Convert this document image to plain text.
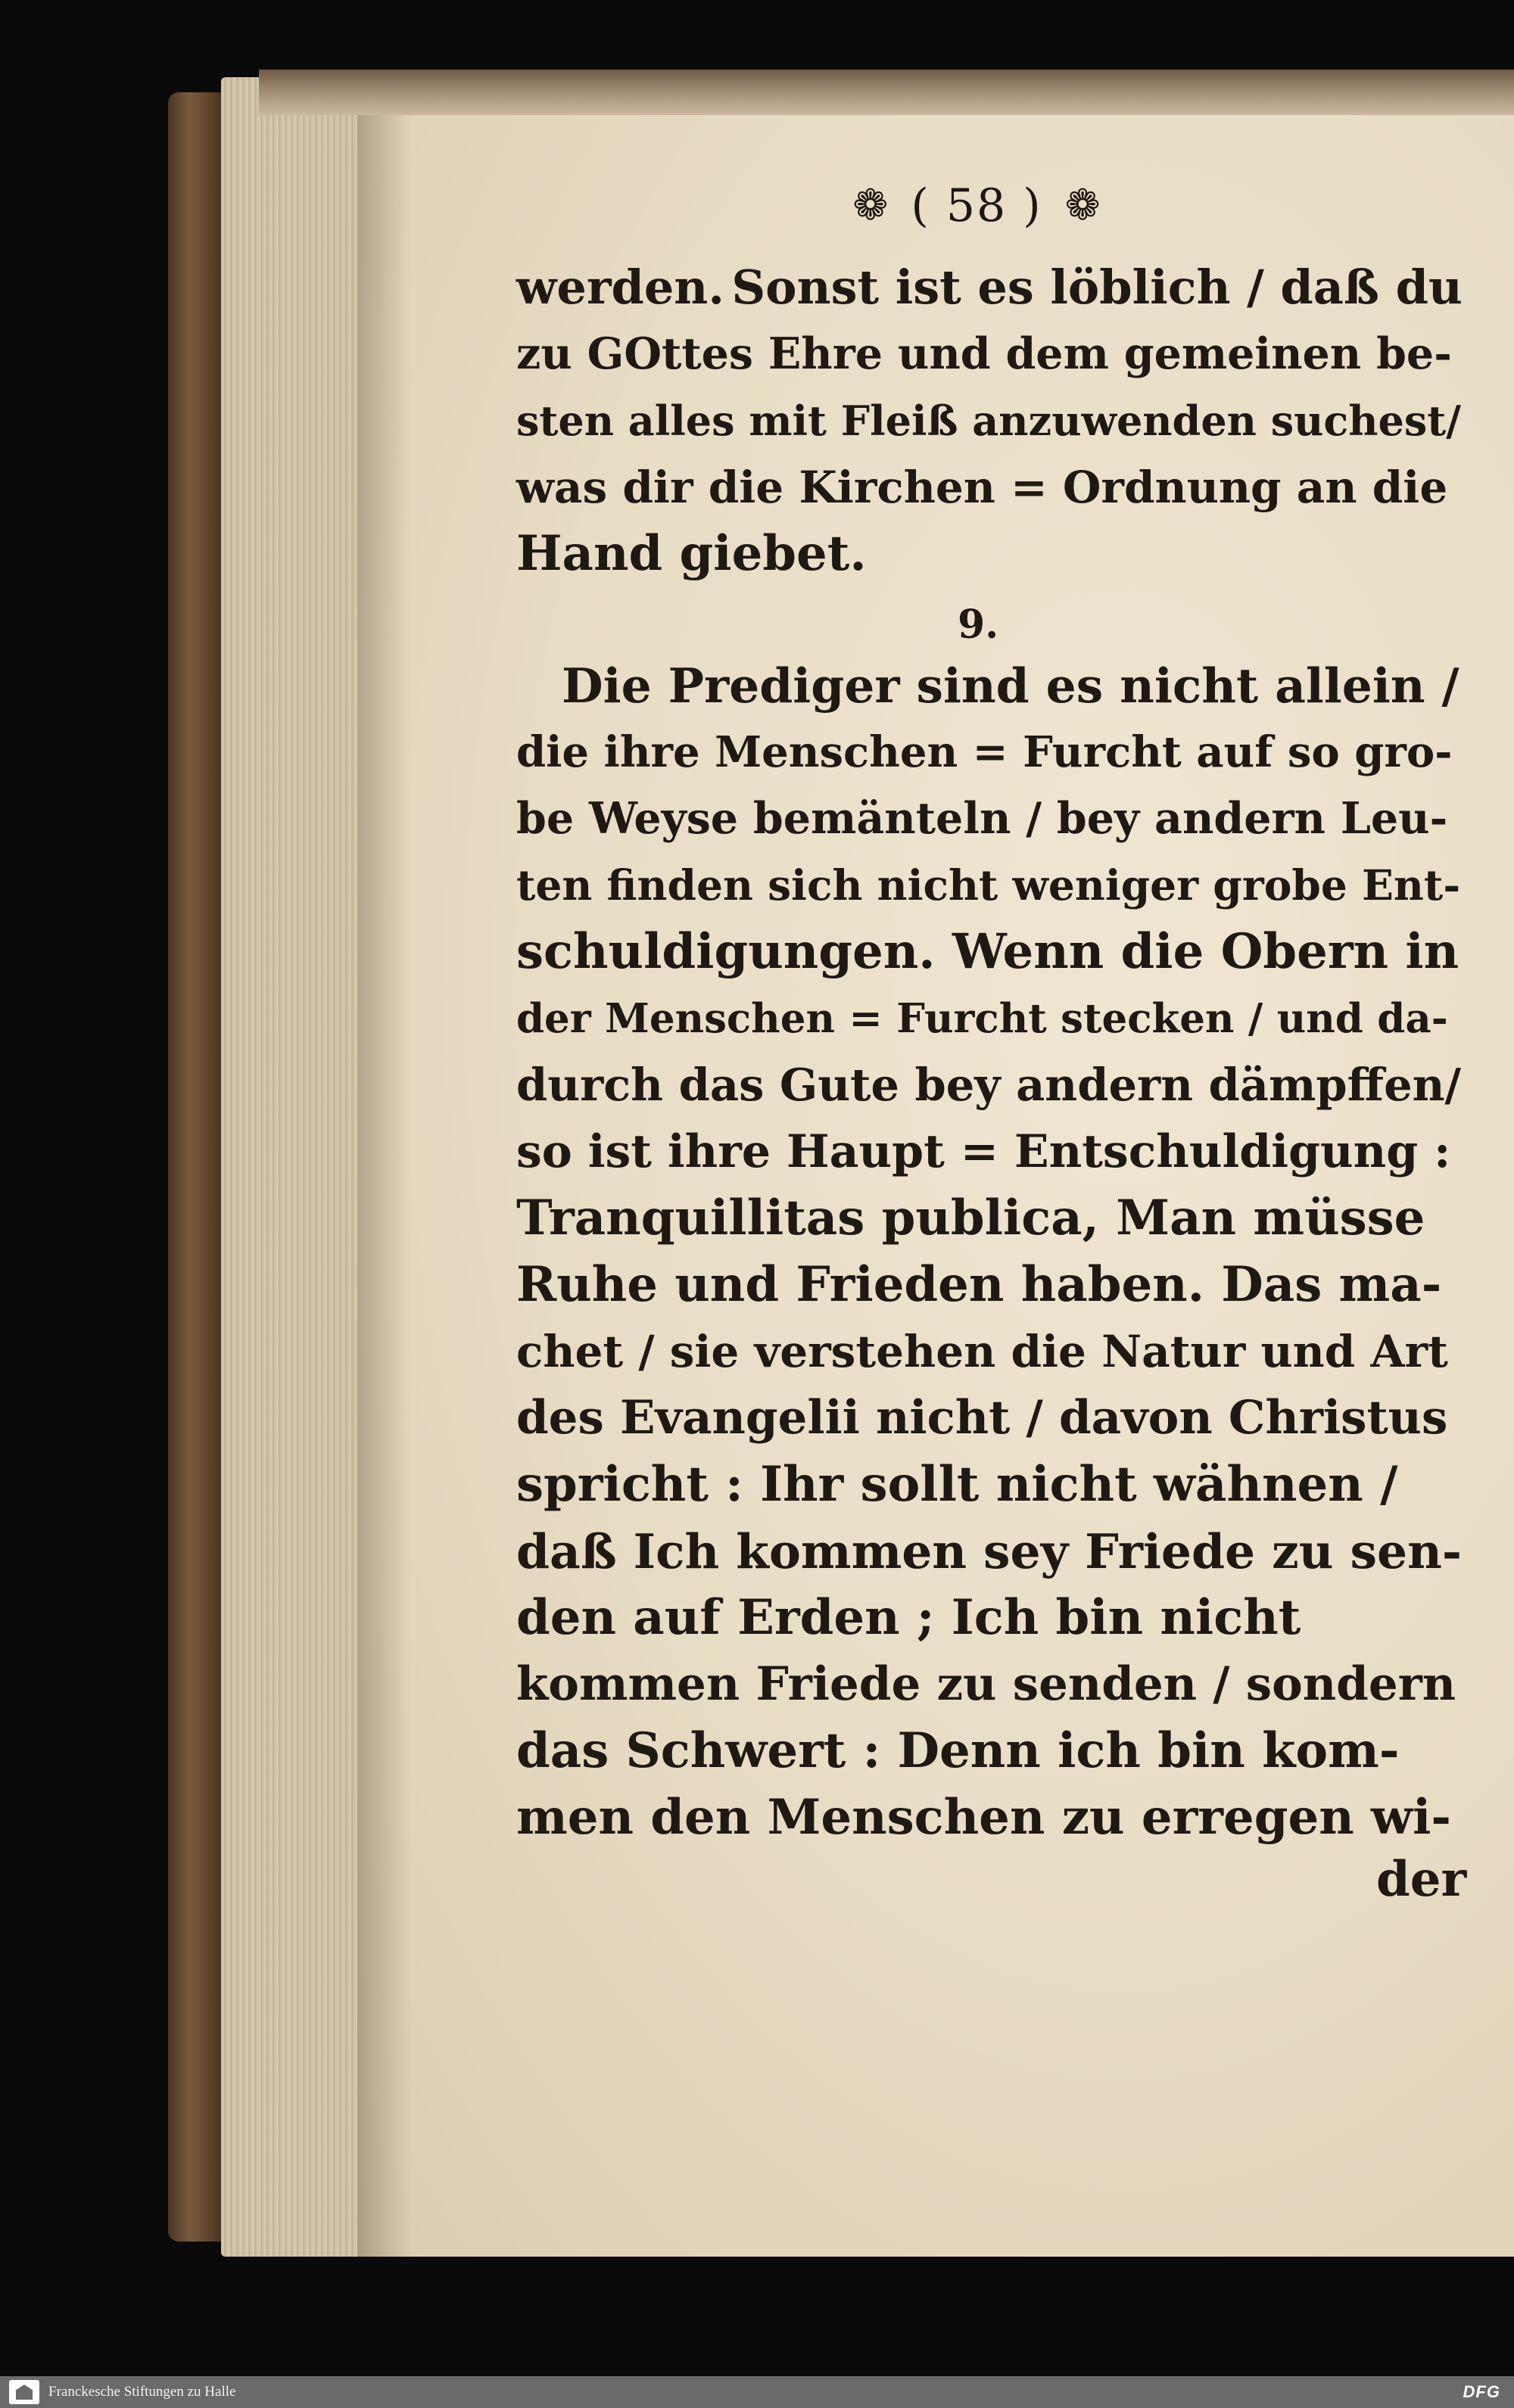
❁ ( 58 ) ❁
werden. Sonst ist es löblich / daß du
zu GOttes Ehre und dem gemeinen be-
sten alles mit Fleiß anzuwenden suchest/
was dir die Kirchen = Ordnung an die
Hand giebet.
9.
Die Prediger sind es nicht allein /
die ihre Menschen = Furcht auf so gro-
be Weyse bemänteln / bey andern Leu-
ten finden sich nicht weniger grobe Ent-
schuldigungen. Wenn die Obern in
der Menschen = Furcht stecken / und da-
durch das Gute bey andern dämpffen/
so ist ihre Haupt = Entschuldigung :
Tranquillitas publica, Man müsse
Ruhe und Frieden haben. Das ma-
chet / sie verstehen die Natur und Art
des Evangelii nicht / davon Christus
spricht : Ihr sollt nicht wähnen /
daß Ich kommen sey Friede zu sen-
den auf Erden ; Ich bin nicht
kommen Friede zu senden / sondern
das Schwert : Denn ich bin kom-
men den Menschen zu erregen wi-
der
Franckesche Stiftungen zu Halle	DFG
